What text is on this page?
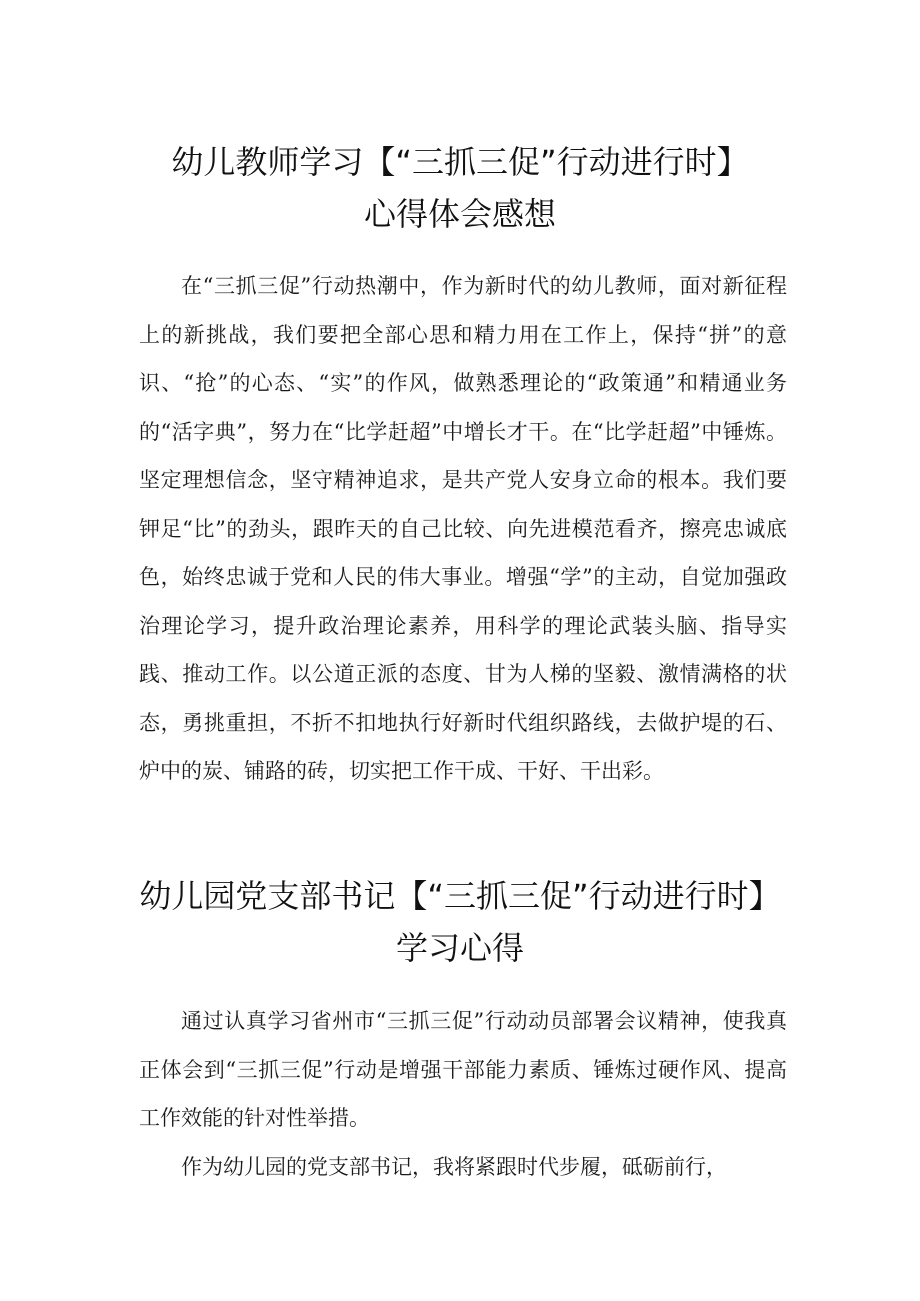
幼儿教师学习【“三抓三促”行动进行时】
心得体会感想

在“三抓三促”行动热潮中，作为新时代的幼儿教师，面对新征程上的新挑战，我们要把全部心思和精力用在工作上，保持“拼”的意识、“抢”的心态、“实”的作风，做熟悉理论的“政策通”和精通业务的“活字典”，努力在“比学赶超”中增长才干。在“比学赶超”中锤炼。坚定理想信念，坚守精神追求，是共产党人安身立命的根本。我们要钾足“比”的劲头，跟昨天的自己比较、向先进模范看齐，擦亮忠诚底色，始终忠诚于党和人民的伟大事业。增强“学”的主动，自觉加强政治理论学习，提升政治理论素养，用科学的理论武装头脑、指导实践、推动工作。以公道正派的态度、甘为人梯的坚毅、激情满格的状态，勇挑重担，不折不扣地执行好新时代组织路线，去做护堤的石、炉中的炭、铺路的砖，切实把工作干成、干好、干出彩。

幼儿园党支部书记【“三抓三促”行动进行时】
学习心得

通过认真学习省州市“三抓三促”行动动员部署会议精神，使我真正体会到“三抓三促”行动是增强干部能力素质、锤炼过硬作风、提高工作效能的针对性举措。

作为幼儿园的党支部书记，我将紧跟时代步履，砥砺前行，
